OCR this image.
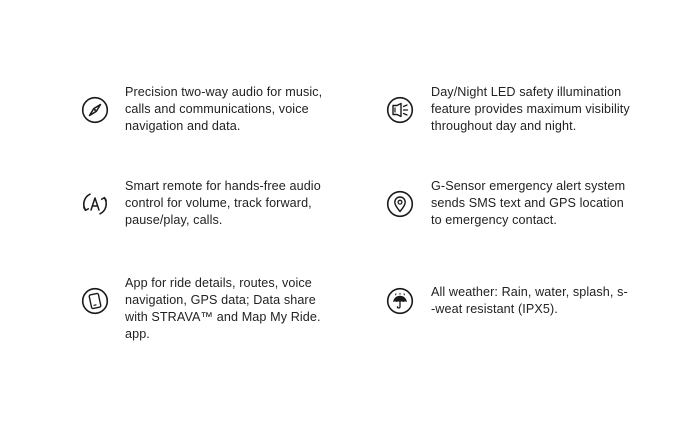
Precision two-way audio for music,
calls and communications, voice
navigation and data.
Smart remote for hands-free audio
control for volume, track forward,
pause/play, calls.
App for ride details, routes, voice
navigation, GPS data; Data share
with STRAVA™ and Map My Ride.
app.
Day/Night LED safety illumination
feature provides maximum visibility
throughout day and night.
G-Sensor emergency alert system
sends SMS text and GPS location
to emergency contact.
All weather: Rain, water, splash, s-
-weat resistant (IPX5).
